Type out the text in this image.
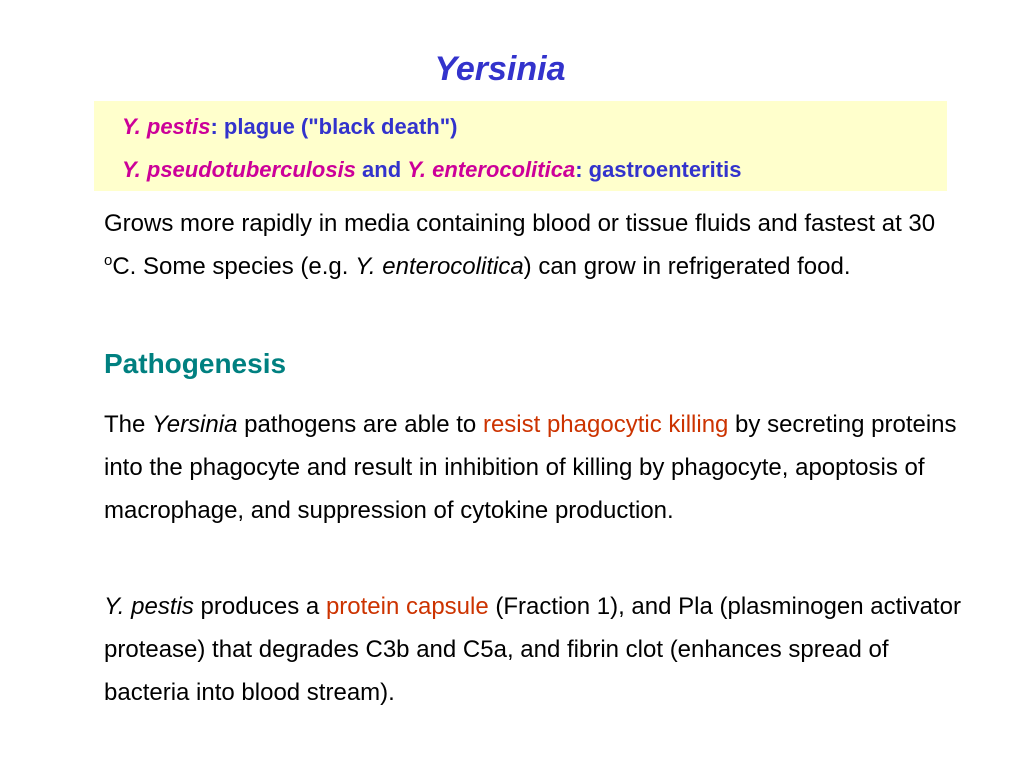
Yersinia
Y. pestis: plague ("black death")
Y. pseudotuberculosis and Y. enterocolitica: gastroenteritis
Grows more rapidly in media containing blood or tissue fluids and fastest at 30 $^o$C. Some species (e.g. Y. enterocolitica) can grow in refrigerated food.
Pathogenesis
The Yersinia pathogens are able to resist phagocytic killing by secreting proteins into the phagocyte and result in inhibition of killing by phagocyte, apoptosis of macrophage, and suppression of cytokine production.
Y. pestis produces a protein capsule (Fraction 1), and Pla (plasminogen activator protease) that degrades C3b and C5a, and fibrin clot (enhances spread of bacteria into blood stream).
